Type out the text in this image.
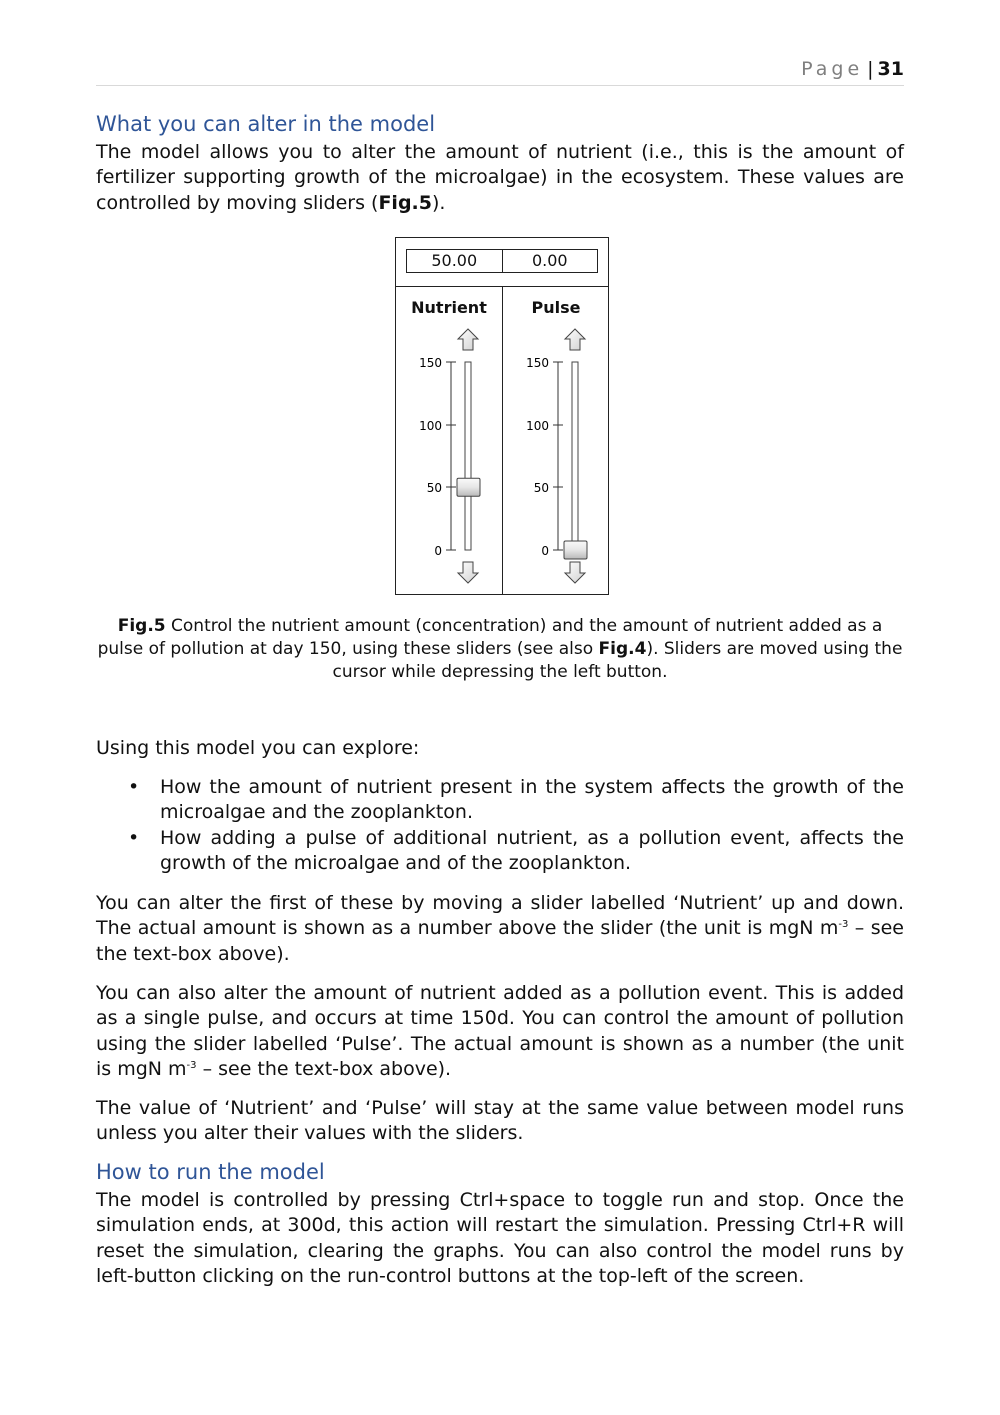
Page | 31
What you can alter in the model

The model allows you to alter the amount of nutrient (i.e., this is the amount of fertilizer supporting growth of the microalgae) in the ecosystem. These values are controlled by moving sliders (Fig.5).

50.00	0.00
Nutrient	Pulse
150
100
50
0
150
100
50
0

Fig.5 Control the nutrient amount (concentration) and the amount of nutrient added as a pulse of pollution at day 150, using these sliders (see also Fig.4). Sliders are moved using the cursor while depressing the left button.

Using this model you can explore:

• How the amount of nutrient present in the system affects the growth of the microalgae and the zooplankton.
• How adding a pulse of additional nutrient, as a pollution event, affects the growth of the microalgae and of the zooplankton.

You can alter the first of these by moving a slider labelled ‘Nutrient’ up and down. The actual amount is shown as a number above the slider (the unit is mgN $m^{-3}$ – see the text-box above).

You can also alter the amount of nutrient added as a pollution event. This is added as a single pulse, and occurs at time 150d. You can control the amount of pollution using the slider labelled ‘Pulse’. The actual amount is shown as a number (the unit is mgN $m^{-3}$ – see the text-box above).

The value of ‘Nutrient’ and ‘Pulse’ will stay at the same value between model runs unless you alter their values with the sliders.

How to run the model

The model is controlled by pressing Ctrl+space to toggle run and stop. Once the simulation ends, at 300d, this action will restart the simulation. Pressing Ctrl+R will reset the simulation, clearing the graphs. You can also control the model runs by left-button clicking on the run-control buttons at the top-left of the screen.
